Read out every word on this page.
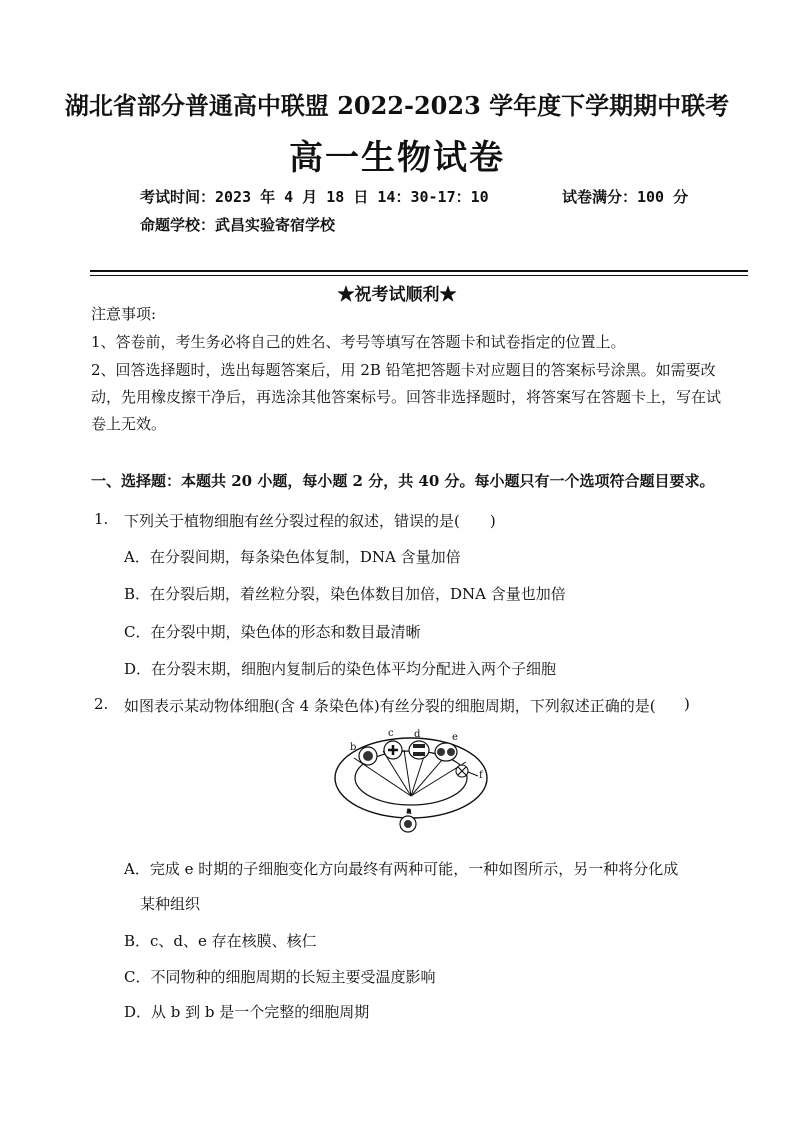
湖北省部分普通高中联盟 2022-2023 学年度下学期期中联考
高一生物试卷
考试时间：2023 年 4 月 18 日 14：30-17：10	试卷满分：100 分
命题学校：武昌实验寄宿学校
★祝考试顺利★
注意事项:
1、答卷前，考生务必将自己的姓名、考号等填写在答题卡和试卷指定的位置上。
2、回答选择题时，选出每题答案后，用 2B 铅笔把答题卡对应题目的答案标号涂黑。如需要改动，先用橡皮擦干净后，再选涂其他答案标号。回答非选择题时，将答案写在答题卡上，写在试卷上无效。
一、选择题：本题共 20 小题，每小题 2 分，共 40 分。每小题只有一个选项符合题目要求。
1. 下列关于植物细胞有丝分裂过程的叙述，错误的是(　　)
A．在分裂间期，每条染色体复制，DNA 含量加倍
B．在分裂后期，着丝粒分裂，染色体数目加倍，DNA 含量也加倍
C．在分裂中期，染色体的形态和数目最清晰
D．在分裂末期，细胞内复制后的染色体平均分配进入两个子细胞
2. 如图表示某动物体细胞(含 4 条染色体)有丝分裂的细胞周期，下列叙述正确的是( )
b
c d	e
f
a
A．完成 e 时期的子细胞变化方向最终有两种可能，一种如图所示，另一种将分化成
某种组织
B．c、d、e 存在核膜、核仁
C．不同物种的细胞周期的长短主要受温度影响
D．从 b 到 b 是一个完整的细胞周期
